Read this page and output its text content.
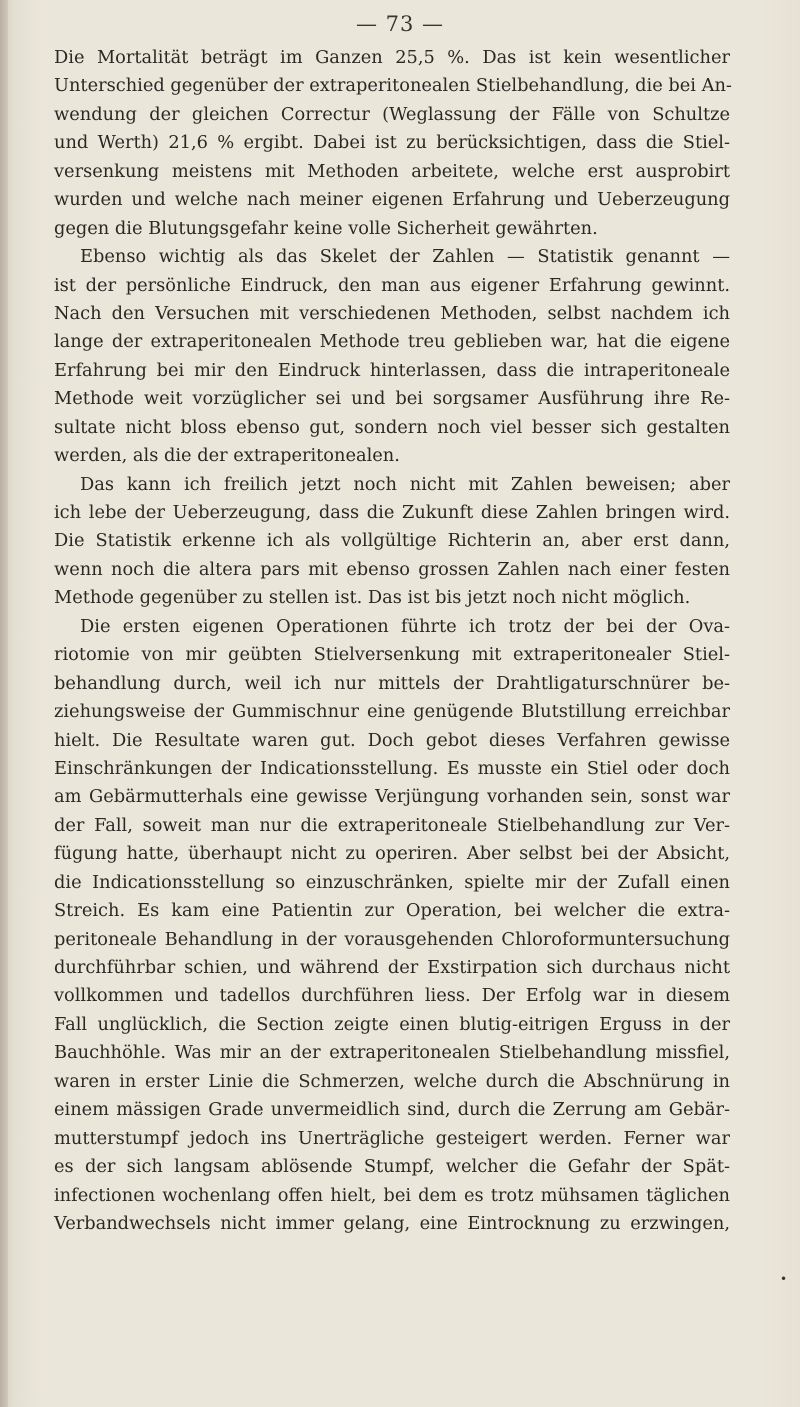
— 73 —
Die Mortalität beträgt im Ganzen 25,5 %. Das ist kein wesentlicher
Unterschied gegenüber der extraperitonealen Stielbehandlung, die bei An-
wendung der gleichen Correctur (Weglassung der Fälle von Schultze
und Werth) 21,6 % ergibt. Dabei ist zu berücksichtigen, dass die Stiel-
versenkung meistens mit Methoden arbeitete, welche erst ausprobirt
wurden und welche nach meiner eigenen Erfahrung und Ueberzeugung
gegen die Blutungsgefahr keine volle Sicherheit gewährten.
Ebenso wichtig als das Skelet der Zahlen — Statistik genannt —
ist der persönliche Eindruck, den man aus eigener Erfahrung gewinnt.
Nach den Versuchen mit verschiedenen Methoden, selbst nachdem ich
lange der extraperitonealen Methode treu geblieben war, hat die eigene
Erfahrung bei mir den Eindruck hinterlassen, dass die intraperitoneale
Methode weit vorzüglicher sei und bei sorgsamer Ausführung ihre Re-
sultate nicht bloss ebenso gut, sondern noch viel besser sich gestalten
werden, als die der extraperitonealen.
Das kann ich freilich jetzt noch nicht mit Zahlen beweisen; aber
ich lebe der Ueberzeugung, dass die Zukunft diese Zahlen bringen wird.
Die Statistik erkenne ich als vollgültige Richterin an, aber erst dann,
wenn noch die altera pars mit ebenso grossen Zahlen nach einer festen
Methode gegenüber zu stellen ist. Das ist bis jetzt noch nicht möglich.
Die ersten eigenen Operationen führte ich trotz der bei der Ova-
riotomie von mir geübten Stielversenkung mit extraperitonealer Stiel-
behandlung durch, weil ich nur mittels der Drahtligaturschnürer be-
ziehungsweise der Gummischnur eine genügende Blutstillung erreichbar
hielt. Die Resultate waren gut. Doch gebot dieses Verfahren gewisse
Einschränkungen der Indicationsstellung. Es musste ein Stiel oder doch
am Gebärmutterhals eine gewisse Verjüngung vorhanden sein, sonst war
der Fall, soweit man nur die extraperitoneale Stielbehandlung zur Ver-
fügung hatte, überhaupt nicht zu operiren. Aber selbst bei der Absicht,
die Indicationsstellung so einzuschränken, spielte mir der Zufall einen
Streich. Es kam eine Patientin zur Operation, bei welcher die extra-
peritoneale Behandlung in der vorausgehenden Chloroformuntersuchung
durchführbar schien, und während der Exstirpation sich durchaus nicht
vollkommen und tadellos durchführen liess. Der Erfolg war in diesem
Fall unglücklich, die Section zeigte einen blutig-eitrigen Erguss in der
Bauchhöhle. Was mir an der extraperitonealen Stielbehandlung missfiel,
waren in erster Linie die Schmerzen, welche durch die Abschnürung in
einem mässigen Grade unvermeidlich sind, durch die Zerrung am Gebär-
mutterstumpf jedoch ins Unerträgliche gesteigert werden. Ferner war
es der sich langsam ablösende Stumpf, welcher die Gefahr der Spät-
infectionen wochenlang offen hielt, bei dem es trotz mühsamen täglichen
Verbandwechsels nicht immer gelang, eine Eintrocknung zu erzwingen,
•
